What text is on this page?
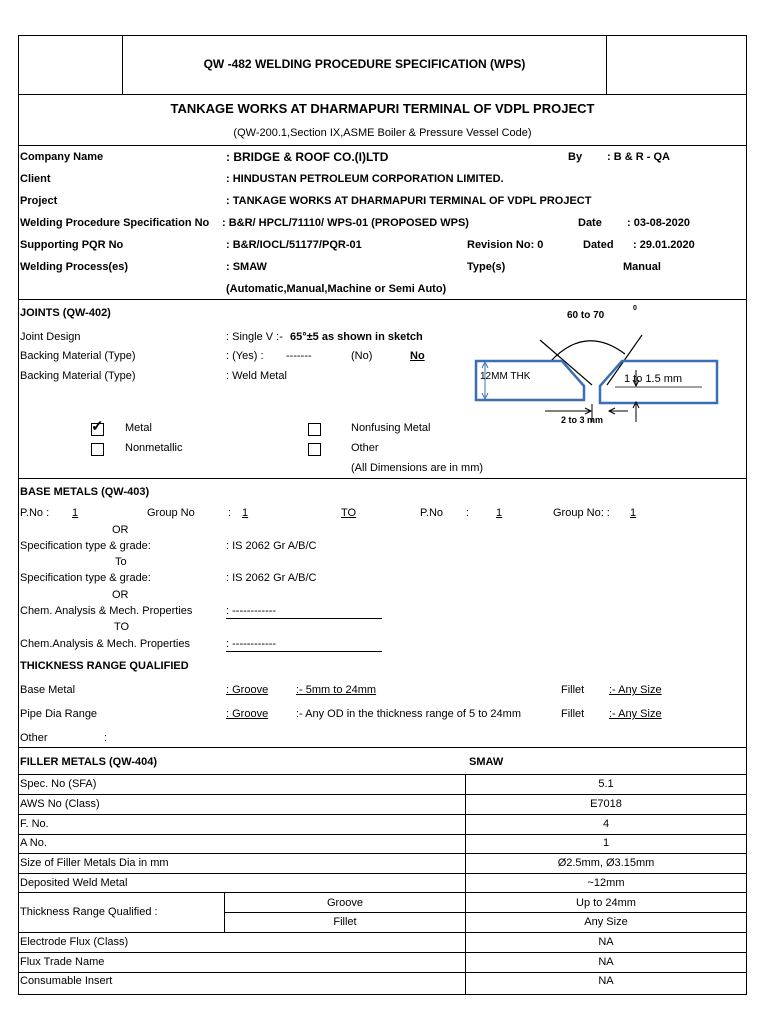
QW -482 WELDING PROCEDURE SPECIFICATION (WPS)
TANKAGE WORKS AT DHARMAPURI TERMINAL OF VDPL PROJECT
(QW-200.1,Section IX,ASME Boiler & Pressure Vessel Code)
Company Name	: BRIDGE & ROOF CO.(I)LTD	By : B & R - QA
Client	: HINDUSTAN PETROLEUM CORPORATION LIMITED.
Project	: TANKAGE WORKS AT DHARMAPURI TERMINAL OF VDPL PROJECT
Welding Procedure Specification No : B&R/ HPCL/71110/ WPS-01 (PROPOSED WPS)	Date : 03-08-2020
Supporting PQR No	: B&R/IOCL/51177/PQR-01	Revision No: 0	Dated : 29.01.2020
Welding Process(es)	: SMAW	Type(s)	Manual
(Automatic,Manual,Machine or Semi Auto)
JOINTS (QW-402)
Joint Design	: Single V :- 65°±5 as shown in sketch
Backing Material (Type)	: (Yes) : -------	(No)	No
Backing Material (Type)	: Weld Metal
✓ Metal
Nonmetallic
Nonfusing Metal
Other
(All Dimensions are in mm)
60 to 70
0
12MM THK	1 to 1.5 mm
2 to 3 mm
BASE METALS (QW-403)
P.No : 1	Group No	: 1	TO	P.No : 1	Group No: : 1
OR
Specification type & grade:	: IS 2062 Gr A/B/C
To
Specification type & grade:	: IS 2062 Gr A/B/C
OR
Chem. Analysis & Mech. Properties	: ------------
TO
Chem.Analysis & Mech. Properties	: ------------
THICKNESS RANGE QUALIFIED
Base Metal	: Groove	:- 5mm to 24mm	Fillet :- Any Size
Pipe Dia Range	: Groove	:- Any OD in the thickness range of 5 to 24mm	Fillet :- Any Size
Other	:
FILLER METALS (QW-404)	SMAW
Spec. No (SFA)	5.1
AWS No (Class)	E7018
F. No.	4
A No.	1
Size of Filler Metals Dia in mm	Ø2.5mm, Ø3.15mm
Deposited Weld Metal	~12mm
Thickness Range Qualified :
Groove	Up to 24mm
Fillet	Any Size
Electrode Flux (Class)	NA
Flux Trade Name	NA
Consumable Insert	NA
